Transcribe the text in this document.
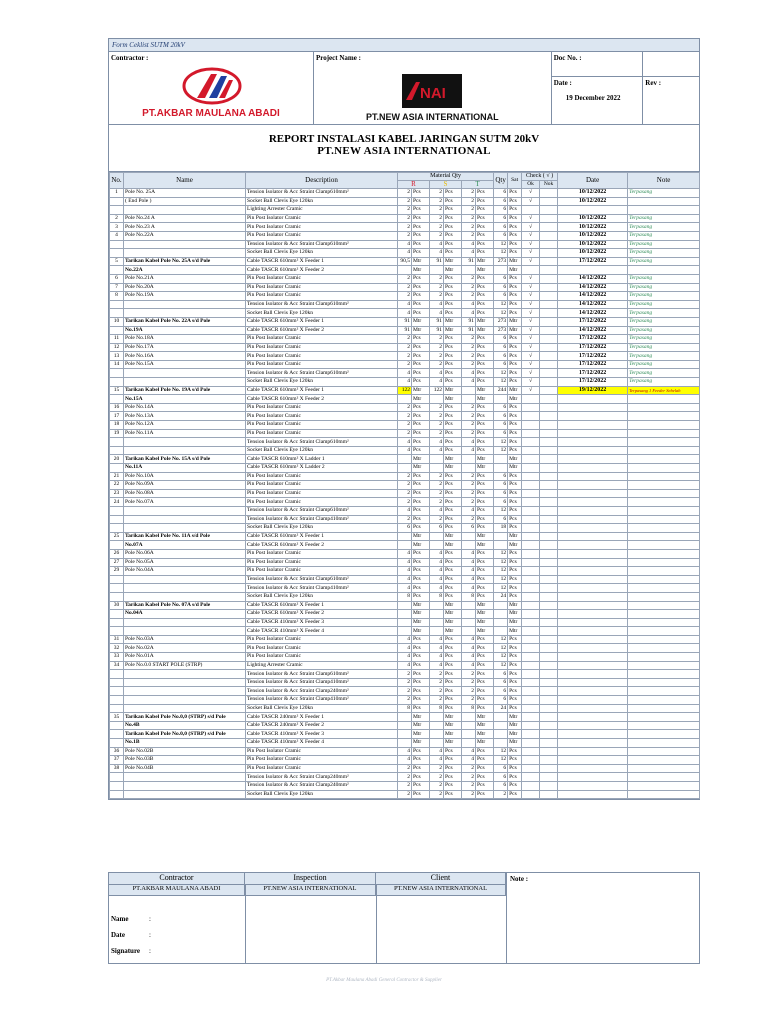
Form Ceklist SUTM 20kV
Contractor :
PT.AKBAR MAULANA ABADI
Project Name :
NAI
PT.NEW ASIA INTERNATIONAL
Doc No. :
Date :
19 December 2022
Rev :
REPORT INSTALASI KABEL JARINGAN SUTM 20kV
PT.NEW ASIA INTERNATIONAL
No.	Name	Description	Material Qty						Qty	Sat	Check ( √ )		Date	Note
			R		S		T				Ok	Nok		
1	Pole No. 25A	Tension Isolator & Acc Straint Clamp610mm²	2	Pcs	2	Pcs	2	Pcs	6	Pcs	√		10/12/2022	Terpasang
	( End Pole )	Socket Ball Clevis Eye 120kn	2	Pcs	2	Pcs	2	Pcs	6	Pcs	√		10/12/2022	
		Lighting Arrester Cramic	2	Pcs	2	Pcs	2	Pcs	6	Pcs				
2	Pole No.24 A	Pin Post Isolator Cramic	2	Pcs	2	Pcs	2	Pcs	6	Pcs	√		10/12/2022	Terpasang
3	Pole No.23 A	Pin Post Isolator Cramic	2	Pcs	2	Pcs	2	Pcs	6	Pcs	√		10/12/2022	Terpasang
4	Pole No.22A	Pin Post Isolator Cramic	2	Pcs	2	Pcs	2	Pcs	6	Pcs	√		10/12/2022	Terpasang
		Tension Isolator & Acc Straint Clamp610mm²	4	Pcs	4	Pcs	4	Pcs	12	Pcs	√		10/12/2022	Terpasang
		Socket Ball Clevis Eye 120kn	4	Pcs	4	Pcs	4	Pcs	12	Pcs	√		10/12/2022	Terpasang
5	Tarikan Kabel Pole No. 25A s/d Pole	Cable TASCR 610mm² X Feeder 1	90,5	Mtr	91	Mtr	91	Mtr	273	Mtr	√		17/12/2022	Terpasang
	No.22A	Cable TASCR 610mm² X Feeder 2		Mtr		Mtr		Mtr		Mtr				
6	Pole No.21A	Pin Post Isolator Cramic	2	Pcs	2	Pcs	2	Pcs	6	Pcs	√		14/12/2022	Terpasang
7	Pole No.20A	Pin Post Isolator Cramic	2	Pcs	2	Pcs	2	Pcs	6	Pcs	√		14/12/2022	Terpasang
8	Pole No.19A	Pin Post Isolator Cramic	2	Pcs	2	Pcs	2	Pcs	6	Pcs	√		14/12/2022	Terpasang
		Tension Isolator & Acc Straint Clamp610mm²	4	Pcs	4	Pcs	4	Pcs	12	Pcs	√		14/12/2022	Terpasang
		Socket Ball Clevis Eye 120kn	4	Pcs	4	Pcs	4	Pcs	12	Pcs	√		14/12/2022	Terpasang
10	Tarikan Kabel Pole No. 22A s/d Pole	Cable TASCR 610mm² X Feeder 1	91	Mtr	91	Mtr	91	Mtr	273	Mtr	√		17/12/2022	Terpasang
	No.19A	Cable TASCR 610mm² X Feeder 2	91	Mtr	91	Mtr	91	Mtr	273	Mtr	√		14/12/2022	Terpasang
11	Pole No.18A	Pin Post Isolator Cramic	2	Pcs	2	Pcs	2	Pcs	6	Pcs	√		17/12/2022	Terpasang
12	Pole No.17A	Pin Post Isolator Cramic	2	Pcs	2	Pcs	2	Pcs	6	Pcs	√		17/12/2022	Terpasang
13	Pole No.16A	Pin Post Isolator Cramic	2	Pcs	2	Pcs	2	Pcs	6	Pcs	√		17/12/2022	Terpasang
14	Pole No.15A	Pin Post Isolator Cramic	2	Pcs	2	Pcs	2	Pcs	6	Pcs	√		17/12/2022	Terpasang
		Tension Isolator & Acc Straint Clamp610mm²	4	Pcs	4	Pcs	4	Pcs	12	Pcs	√		17/12/2022	Terpasang
		Socket Ball Clevis Eye 120kn	4	Pcs	4	Pcs	4	Pcs	12	Pcs	√		17/12/2022	Terpasang
15	Tarikan Kabel Pole No. 19A s/d Pole	Cable TASCR 610mm² X Feeder 1	122	Mtr	122	Mtr		Mtr	244	Mtr	√		19/12/2022	Terpasang 1 Feeder Sebelah
	No.15A	Cable TASCR 610mm² X Feeder 2		Mtr		Mtr		Mtr		Mtr				
16	Pole No.14A	Pin Post Isolator Cramic	2	Pcs	2	Pcs	2	Pcs	6	Pcs				
17	Pole No.13A	Pin Post Isolator Cramic	2	Pcs	2	Pcs	2	Pcs	6	Pcs				
18	Pole No.12A	Pin Post Isolator Cramic	2	Pcs	2	Pcs	2	Pcs	6	Pcs				
19	Pole No.11A	Pin Post Isolator Cramic	2	Pcs	2	Pcs	2	Pcs	6	Pcs				
		Tension Isolator & Acc Straint Clamp610mm²	4	Pcs	4	Pcs	4	Pcs	12	Pcs				
		Socket Ball Clevis Eye 120kn	4	Pcs	4	Pcs	4	Pcs	12	Pcs				
20	Tarikan Kabel Pole No. 15A s/d Pole	Cable TASCR 610mm² X Ladder 1		Mtr		Mtr		Mtr		Mtr				
	No.11A	Cable TASCR 610mm² X Ladder 2		Mtr		Mtr		Mtr		Mtr				
21	Pole No.10A	Pin Post Isolator Cramic	2	Pcs	2	Pcs	2	Pcs	6	Pcs				
22	Pole No.09A	Pin Post Isolator Cramic	2	Pcs	2	Pcs	2	Pcs	6	Pcs				
23	Pole No.08A	Pin Post Isolator Cramic	2	Pcs	2	Pcs	2	Pcs	6	Pcs				
24	Pole No.07A	Pin Post Isolator Cramic	2	Pcs	2	Pcs	2	Pcs	6	Pcs				
		Tension Isolator & Acc Straint Clamp610mm²	4	Pcs	4	Pcs	4	Pcs	12	Pcs				
		Tension Isolator & Acc Straint Clamp410mm²	2	Pcs	2	Pcs	2	Pcs	6	Pcs				
		Socket Ball Clevis Eye 120kn	6	Pcs	6	Pcs	6	Pcs	18	Pcs				
25	Tarikan Kabel Pole No. 11A s/d Pole	Cable TASCR 610mm² X Feeder 1		Mtr		Mtr		Mtr		Mtr				
	No.07A	Cable TASCR 610mm² X Feeder 2		Mtr		Mtr		Mtr		Mtr				
26	Pole No.06A	Pin Post Isolator Cramic	4	Pcs	4	Pcs	4	Pcs	12	Pcs				
27	Pole No.05A	Pin Post Isolator Cramic	4	Pcs	4	Pcs	4	Pcs	12	Pcs				
29	Pole No.04A	Pin Post Isolator Cramic	4	Pcs	4	Pcs	4	Pcs	12	Pcs				
		Tension Isolator & Acc Straint Clamp610mm²	4	Pcs	4	Pcs	4	Pcs	12	Pcs				
		Tension Isolator & Acc Straint Clamp410mm²	4	Pcs	4	Pcs	4	Pcs	12	Pcs				
		Socket Ball Clevis Eye 120kn	8	Pcs	8	Pcs	8	Pcs	24	Pcs				
30	Tarikan Kabel Pole No. 07A s/d Pole	Cable TASCR 610mm² X Feeder 1		Mtr		Mtr		Mtr		Mtr				
	No.04A	Cable TASCR 610mm² X Feeder 2		Mtr		Mtr		Mtr		Mtr				
		Cable TASCR 410mm² X Feeder 3		Mtr		Mtr		Mtr		Mtr				
		Cable TASCR 410mm² X Feeder 4		Mtr		Mtr		Mtr		Mtr				
31	Pole No.03A	Pin Post Isolator Cramic	4	Pcs	4	Pcs	4	Pcs	12	Pcs				
32	Pole No.02A	Pin Post Isolator Cramic	4	Pcs	4	Pcs	4	Pcs	12	Pcs				
33	Pole No.01A	Pin Post Isolator Cramic	4	Pcs	4	Pcs	4	Pcs	12	Pcs				
34	Pole No.0.0 START POLE (STRP)	Lighting Arrester Cramic	4	Pcs	4	Pcs	4	Pcs	12	Pcs				
		Tension Isolator & Acc Straint Clamp610mm²	2	Pcs	2	Pcs	2	Pcs	6	Pcs				
		Tension Isolator & Acc Straint Clamp410mm²	2	Pcs	2	Pcs	2	Pcs	6	Pcs				
		Tension Isolator & Acc Straint Clamp240mm²	2	Pcs	2	Pcs	2	Pcs	6	Pcs				
		Tension Isolator & Acc Straint Clamp410mm²	2	Pcs	2	Pcs	2	Pcs	6	Pcs				
		Socket Ball Clevis Eye 120kn	8	Pcs	8	Pcs	8	Pcs	24	Pcs				
35	Tarikan Kabel Pole No.0,0 (STRP) s/d Pole	Cable TASCR 240mm² X Feeder 1		Mtr		Mtr		Mtr		Mtr				
	No.4B	Cable TASCR 240mm² X Feeder 2		Mtr		Mtr		Mtr		Mtr				
	Tarikan Kabel Pole No.0,0 (STRP) s/d Pole	Cable TASCR 410mm² X Feeder 3		Mtr		Mtr		Mtr		Mtr				
	No.1B	Cable TASCR 410mm² X Feeder 4		Mtr		Mtr		Mtr		Mtr				
36	Pole No.02B	Pin Post Isolator Cramic	4	Pcs	4	Pcs	4	Pcs	12	Pcs				
37	Pole No.03B	Pin Post Isolator Cramic	4	Pcs	4	Pcs	4	Pcs	12	Pcs				
38	Pole No.04B	Pin Post Isolator Cramic	2	Pcs	2	Pcs	2	Pcs	6	Pcs				
		Tension Isolator & Acc Straint Clamp240mm²	2	Pcs	2	Pcs	2	Pcs	6	Pcs				
		Tension Isolator & Acc Straint Clamp240mm²	2	Pcs	2	Pcs	2	Pcs	6	Pcs				
		Socket Ball Clevis Eye 120kn	2	Pcs	2	Pcs	2	Pcs	2	Pcs				
Contractor	Inspection	Client
PT.AKBAR MAULANA ABADI	PT.NEW ASIA INTERNATIONAL	PT.NEW ASIA INTERNATIONAL
Note :
Name	:
Date	:
Signature :
PT.Akbar Maulana Abadi General Contractor & Supplier
